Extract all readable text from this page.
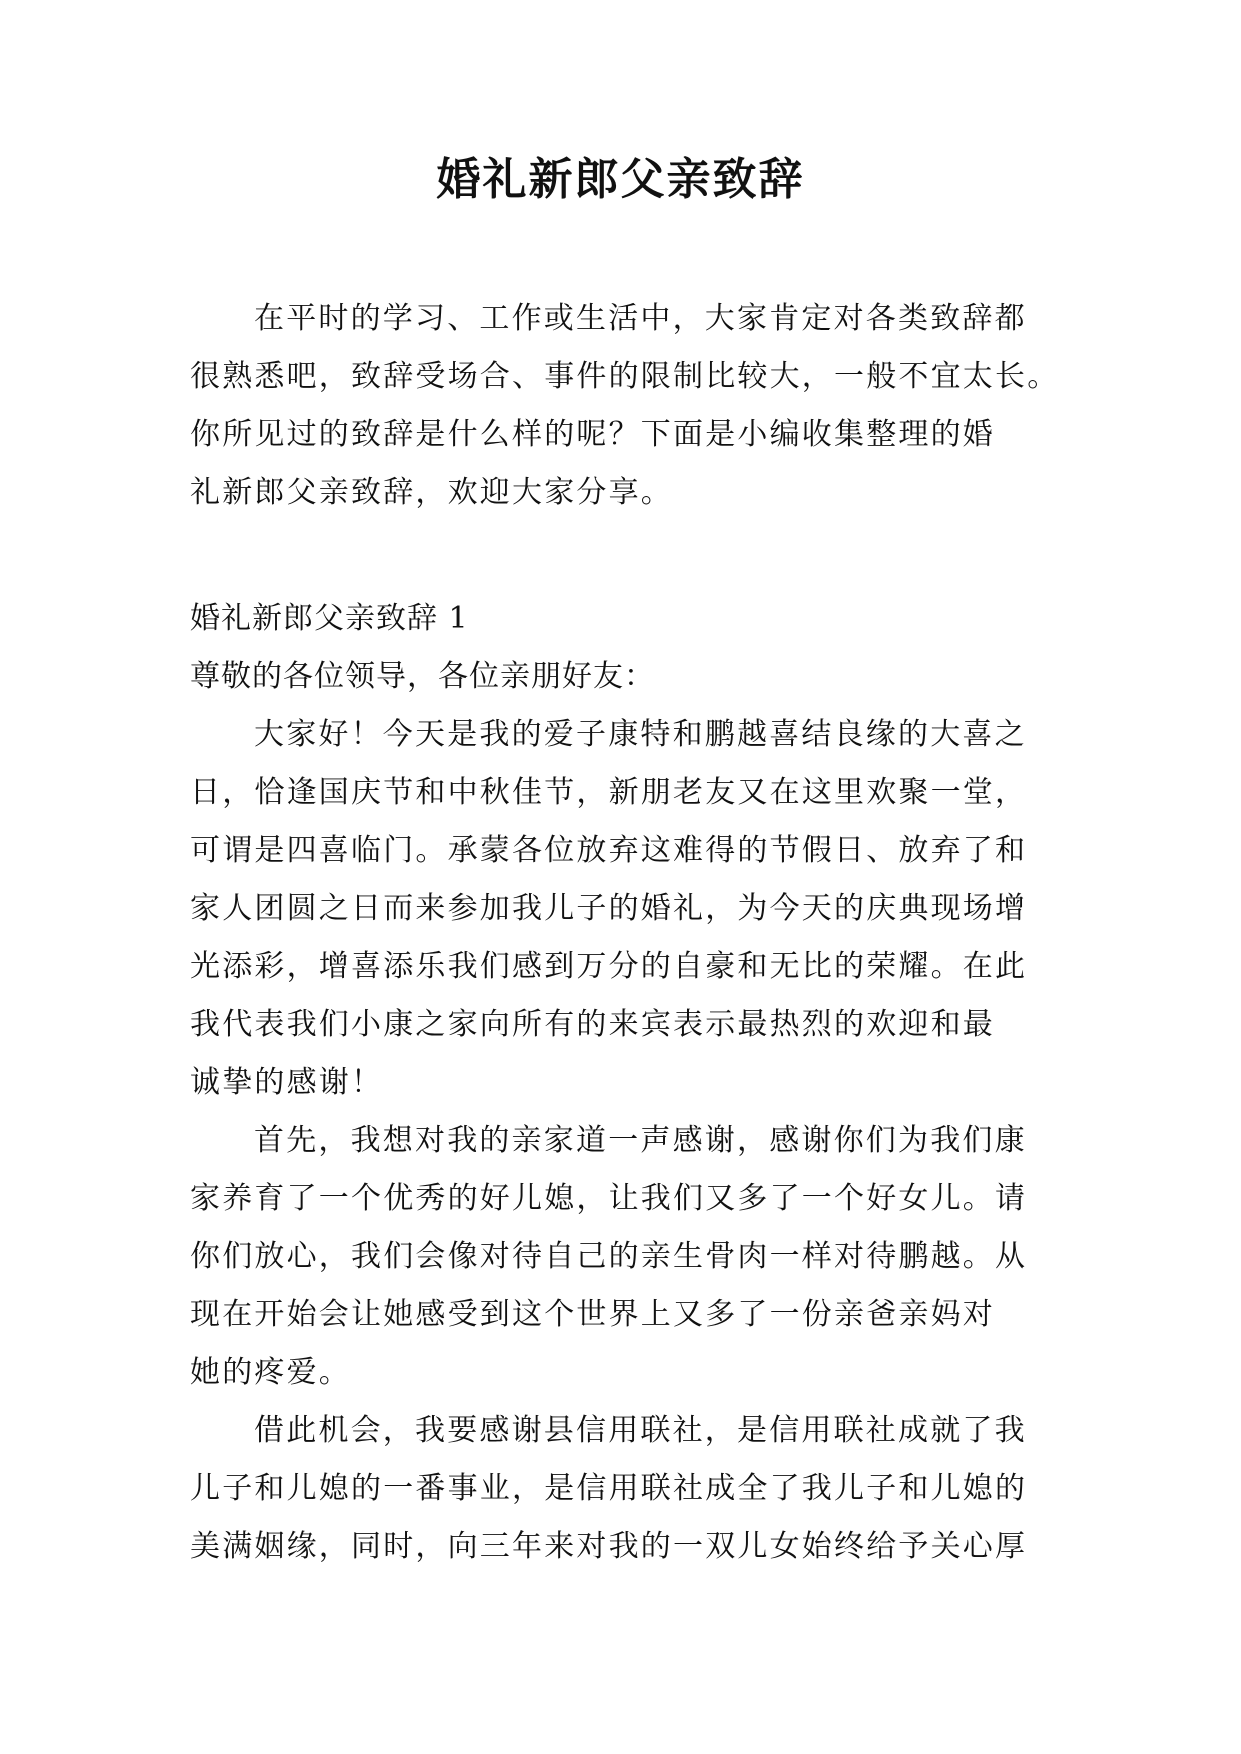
婚礼新郎父亲致辞
在平时的学习、工作或生活中，大家肯定对各类致辞都
很熟悉吧，致辞受场合、事件的限制比较大，一般不宜太长。
你所见过的致辞是什么样的呢？下面是小编收集整理的婚
礼新郎父亲致辞，欢迎大家分享。
婚礼新郎父亲致辞 1
尊敬的各位领导，各位亲朋好友：
大家好！今天是我的爱子康特和鹏越喜结良缘的大喜之
日，恰逢国庆节和中秋佳节，新朋老友又在这里欢聚一堂，
可谓是四喜临门。承蒙各位放弃这难得的节假日、放弃了和
家人团圆之日而来参加我儿子的婚礼，为今天的庆典现场增
光添彩，增喜添乐我们感到万分的自豪和无比的荣耀。在此
我代表我们小康之家向所有的来宾表示最热烈的欢迎和最
诚挚的感谢！
首先，我想对我的亲家道一声感谢，感谢你们为我们康
家养育了一个优秀的好儿媳，让我们又多了一个好女儿。请
你们放心，我们会像对待自己的亲生骨肉一样对待鹏越。从
现在开始会让她感受到这个世界上又多了一份亲爸亲妈对
她的疼爱。
借此机会，我要感谢县信用联社，是信用联社成就了我
儿子和儿媳的一番事业，是信用联社成全了我儿子和儿媳的
美满姻缘，同时，向三年来对我的一双儿女始终给予关心厚
